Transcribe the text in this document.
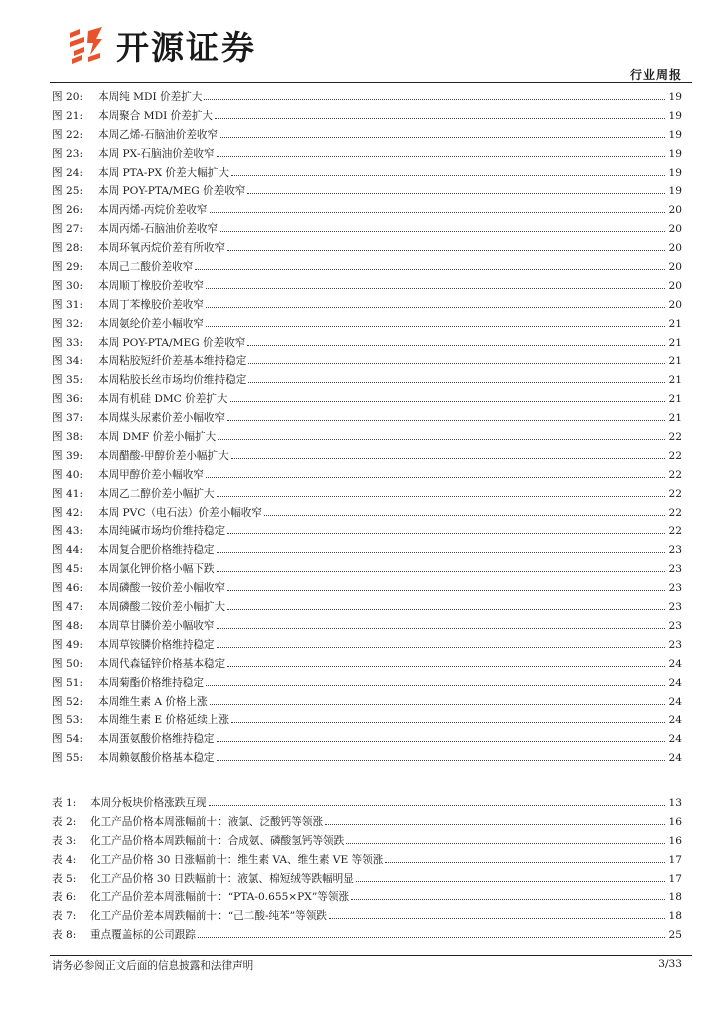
开源证券
行业周报
图 20:	本周纯 MDI 价差扩大	19
图 21:	本周聚合 MDI 价差扩大	19
图 22:	本周乙烯-石脑油价差收窄	19
图 23:	本周 PX-石脑油价差收窄	19
图 24:	本周 PTA-PX 价差大幅扩大	19
图 25:	本周 POY-PTA/MEG 价差收窄	19
图 26:	本周丙烯-丙烷价差收窄	20
图 27:	本周丙烯-石脑油价差收窄	20
图 28:	本周环氧丙烷价差有所收窄	20
图 29:	本周己二酸价差收窄	20
图 30:	本周顺丁橡胶价差收窄	20
图 31:	本周丁苯橡胶价差收窄	20
图 32:	本周氨纶价差小幅收窄	21
图 33:	本周 POY-PTA/MEG 价差收窄	21
图 34:	本周粘胶短纤价差基本维持稳定	21
图 35:	本周粘胶长丝市场均价维持稳定	21
图 36:	本周有机硅 DMC 价差扩大	21
图 37:	本周煤头尿素价差小幅收窄	21
图 38:	本周 DMF 价差小幅扩大	22
图 39:	本周醋酸-甲醇价差小幅扩大	22
图 40:	本周甲醇价差小幅收窄	22
图 41:	本周乙二醇价差小幅扩大	22
图 42:	本周 PVC（电石法）价差小幅收窄	22
图 43:	本周纯碱市场均价维持稳定	22
图 44:	本周复合肥价格维持稳定	23
图 45:	本周氯化钾价格小幅下跌	23
图 46:	本周磷酸一铵价差小幅收窄	23
图 47:	本周磷酸二铵价差小幅扩大	23
图 48:	本周草甘膦价差小幅收窄	23
图 49:	本周草铵膦价格维持稳定	23
图 50:	本周代森锰锌价格基本稳定	24
图 51:	本周菊酯价格维持稳定	24
图 52:	本周维生素 A 价格上涨	24
图 53:	本周维生素 E 价格延续上涨	24
图 54:	本周蛋氨酸价格维持稳定	24
图 55:	本周赖氨酸价格基本稳定	24
表 1:	本周分板块价格涨跌互现	13
表 2:	化工产品价格本周涨幅前十：液氯、泛酸钙等领涨	16
表 3:	化工产品价格本周跌幅前十：合成氨、磷酸氢钙等领跌	16
表 4:	化工产品价格 30 日涨幅前十：维生素 VA、维生素 VE 等领涨	17
表 5:	化工产品价格 30 日跌幅前十：液氯、棉短绒等跌幅明显	17
表 6:	化工产品价差本周涨幅前十：“PTA-0.655×PX”等领涨	18
表 7:	化工产品价差本周跌幅前十：“己二酸-纯苯”等领跌	18
表 8:	重点覆盖标的公司跟踪	25
请务必参阅正文后面的信息披露和法律声明	3/33
